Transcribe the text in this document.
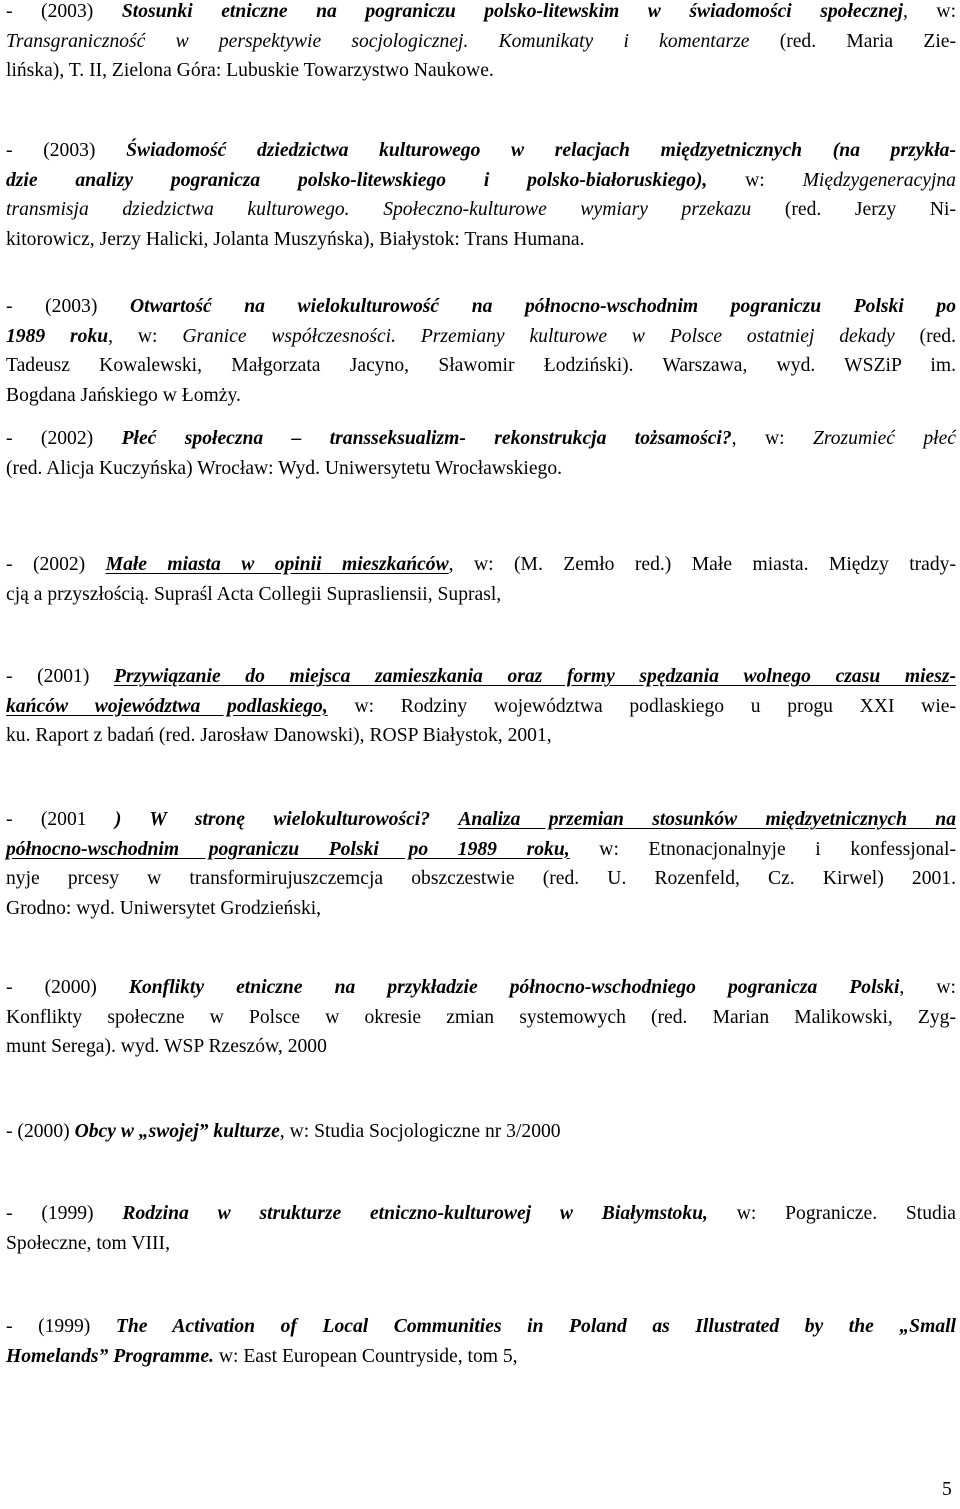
- (2003) Stosunki etniczne na pograniczu polsko-litewskim w świadomości społecznej, w:
Transgraniczność w perspektywie socjologicznej. Komunikaty i komentarze (red. Maria Zie-
lińska), T. II, Zielona Góra: Lubuskie Towarzystwo Naukowe.
- (2003) Świadomość dziedzictwa kulturowego w relacjach międzyetnicznych (na przykła-
dzie analizy pogranicza polsko-litewskiego i polsko-białoruskiego), w: Międzygeneracyjna
transmisja dziedzictwa kulturowego. Społeczno-kulturowe wymiary przekazu (red. Jerzy Ni-
kitorowicz, Jerzy Halicki, Jolanta Muszyńska), Białystok: Trans Humana.
- (2003) Otwartość na wielokulturowość na północno-wschodnim pograniczu Polski po
1989 roku, w: Granice współczesności. Przemiany kulturowe w Polsce ostatniej dekady (red.
Tadeusz Kowalewski, Małgorzata Jacyno, Sławomir Łodziński). Warszawa, wyd. WSZiP im.
Bogdana Jańskiego w Łomży.
- (2002) Płeć społeczna – transseksualizm- rekonstrukcja tożsamości?, w: Zrozumieć płeć
(red. Alicja Kuczyńska) Wrocław: Wyd. Uniwersytetu Wrocławskiego.
- (2002) Małe miasta w opinii mieszkańców, w: (M. Zemło red.) Małe miasta. Między trady-
cją a przyszłością. Supraśl Acta Collegii Suprasliensii, Suprasl,
- (2001) Przywiązanie do miejsca zamieszkania oraz formy spędzania wolnego czasu miesz-
kańców województwa podlaskiego, w: Rodziny województwa podlaskiego u progu XXI wie-
ku. Raport z badań (red. Jarosław Danowski), ROSP Białystok, 2001,
- (2001 ) W stronę wielokulturowości? Analiza przemian stosunków międzyetnicznych na
północno-wschodnim pograniczu Polski po 1989 roku, w: Etnonacjonalnyje i konfessjonal-
nyje prcesy w transformirujuszczemcja obszczestwie (red. U. Rozenfeld, Cz. Kirwel) 2001.
Grodno: wyd. Uniwersytet Grodzieński,
- (2000) Konflikty etniczne na przykładzie północno-wschodniego pogranicza Polski, w:
Konflikty społeczne w Polsce w okresie zmian systemowych (red. Marian Malikowski, Zyg-
munt Serega). wyd. WSP Rzeszów, 2000
- (2000) Obcy w „swojej” kulturze, w: Studia Socjologiczne nr 3/2000
- (1999) Rodzina w strukturze etniczno-kulturowej w Białymstoku, w: Pogranicze. Studia
Społeczne, tom VIII,
- (1999) The Activation of Local Communities in Poland as Illustrated by the „Small
Homelands” Programme. w: East European Countryside, tom 5,
5
